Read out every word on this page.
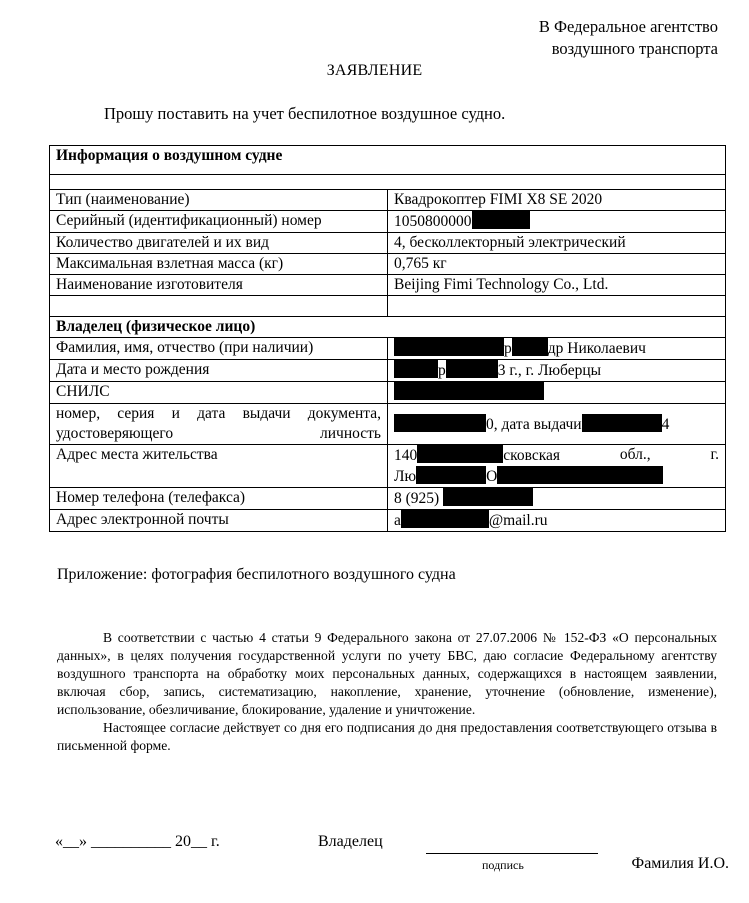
В Федеральное агентство
воздушного транспорта
ЗАЯВЛЕНИЕ
Прошу поставить на учет беспилотное воздушное судно.
Информация о воздушном судне	

Тип (наименование)	Квадрокоптер FIMI X8 SE 2020
Серийный (идентификационный) номер	1050800000
Количество двигателей и их вид	4, бесколлекторный электрический
Максимальная взлетная масса (кг)	0,765 кг
Наименование изготовителя	Beijing Fimi Technology Co., Ltd.

Владелец (физическое лицо)	
Фамилия, имя, отчество (при наличии)	р др Николаевич
Дата и место рождения	р 3 г., г. Люберцы
СНИЛС	
номер, серия и дата выдачи документа, удостоверяющего личность	0, дата выдачи 4
Адрес места жительства	140 сковская обл., г.
Лю О

Номер телефона (телефакса)	8 (925)
Адрес электронной почты	а @mail.ru
Приложение: фотография беспилотного воздушного судна

В соответствии с частью 4 статьи 9 Федерального закона от 27.07.2006 № 152-ФЗ «О персональных данных», в целях получения государственной услуги по учету БВС, даю согласие Федеральному агентству воздушного транспорта на обработку моих персональных данных, содержащихся в настоящем заявлении, включая сбор, запись, систематизацию, накопление, хранение, уточнение (обновление, изменение), использование, обезличивание, блокирование, удаление и уничтожение.

Настоящее согласие действует со дня его подписания до дня предоставления соответствующего отзыва в письменной форме.

«__» __________ 20__ г.	Владелец
подпись	Фамилия И.О.
